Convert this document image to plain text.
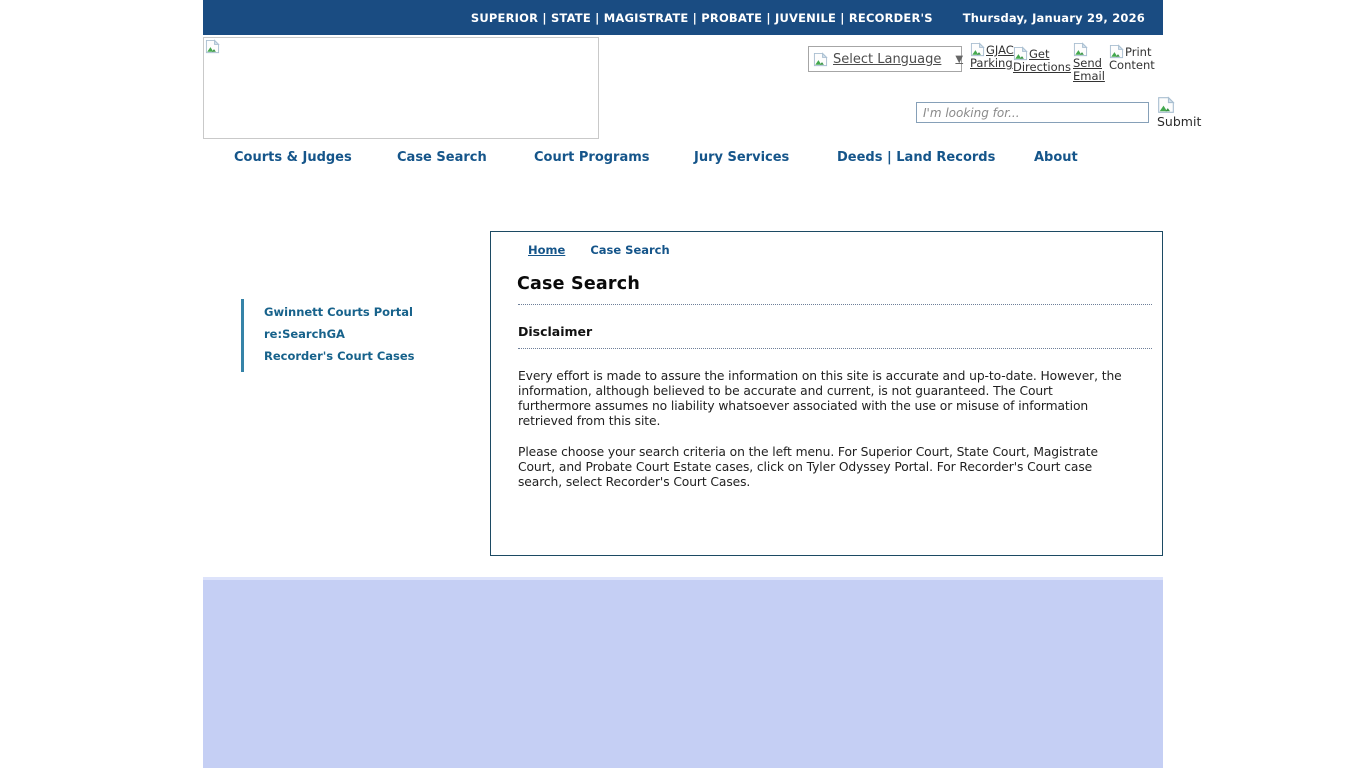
SUPERIOR | STATE | MAGISTRATE | PROBATE | JUVENILE | RECORDER'S	Thursday, January 29, 2026
Select Language ▼
GJAC Parking
Get Directions Send Email
Print Content
I'm looking for...
Submit
Courts & Judges	Case Search	Court Programs	Jury Services	Deeds | Land Records	About
Gwinnett Courts Portal
re:SearchGA
Recorder's Court Cases
Home Case Search
Case Search
Disclaimer

Every effort is made to assure the information on this site is accurate and up-to-date. However, the information, although believed to be accurate and current, is not guaranteed. The Court furthermore assumes no liability whatsoever associated with the use or misuse of information retrieved from this site.

Please choose your search criteria on the left menu. For Superior Court, State Court, Magistrate Court, and Probate Court Estate cases, click on Tyler Odyssey Portal. For Recorder's Court case search, select Recorder's Court Cases.
